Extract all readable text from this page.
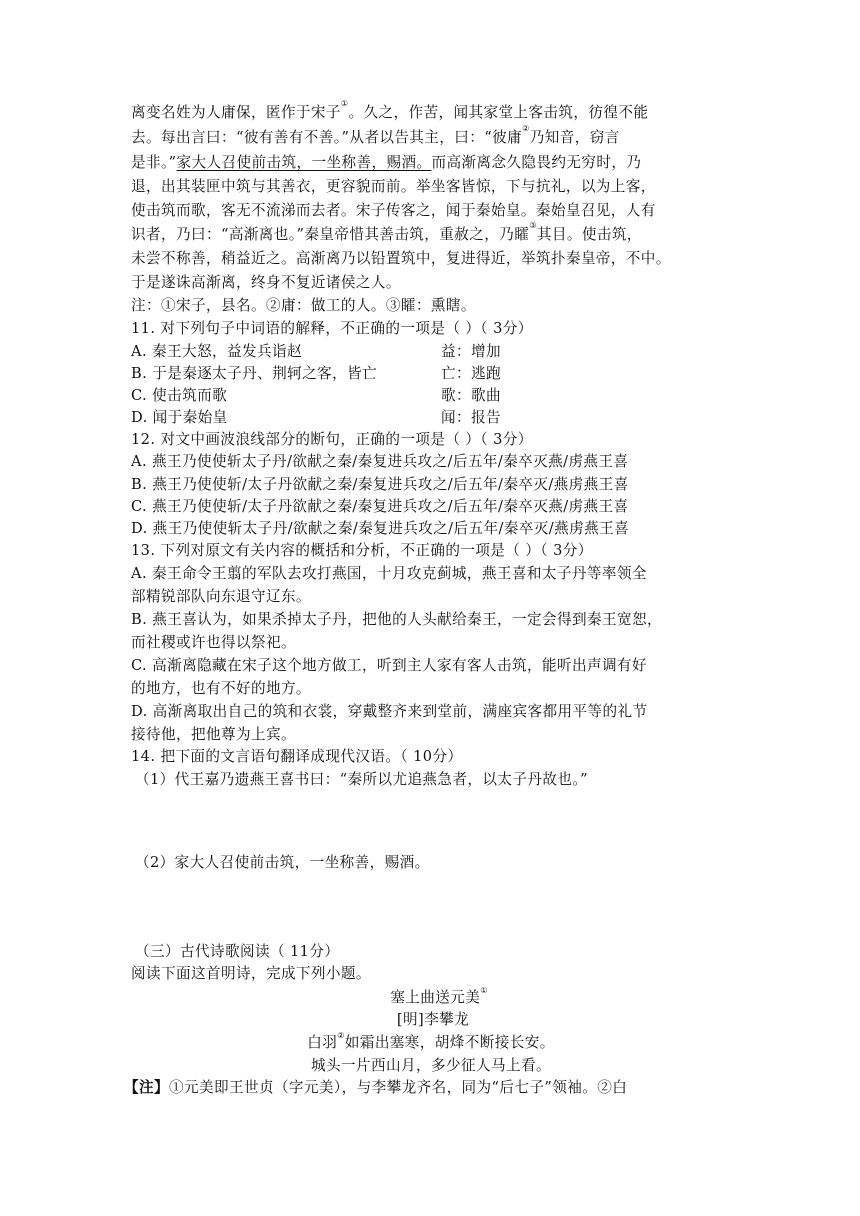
离变名姓为人庸保，匿作于宋子①。久之，作苦，闻其家堂上客击筑，彷徨不能
去。每出言曰：“彼有善有不善。”从者以告其主，曰：“彼庸②乃知音，窃言
是非。”家大人召使前击筑，一坐称善，赐酒。而高渐离念久隐畏约无穷时，乃
退，出其装匣中筑与其善衣，更容貌而前。举坐客皆惊，下与抗礼，以为上客，
使击筑而歌，客无不流涕而去者。宋子传客之，闻于秦始皇。秦始皇召见，人有
识者，乃曰：“高渐离也。”秦皇帝惜其善击筑，重赦之，乃矐③其目。使击筑，
未尝不称善，稍益近之。高渐离乃以铅置筑中，复进得近，举筑扑秦皇帝，不中。
于是遂诛高渐离，终身不复近诸侯之人。
注：①宋子，县名。②庸：做工的人。③矐：熏瞎。
11. 对下列句子中词语的解释，不正确的一项是（ ）（ 3分）
A. 秦王大怒，益发兵诣赵	益：增加
B. 于是秦逐太子丹、荆轲之客，皆亡	亡：逃跑
C. 使击筑而歌	歌：歌曲
D. 闻于秦始皇	闻：报告
12. 对文中画波浪线部分的断句，正确的一项是（ ）（ 3分）
A. 燕王乃使使斩太子丹/欲献之秦/秦复进兵攻之/后五年/秦卒灭燕/虏燕王喜
B. 燕王乃使使斩/太子丹欲献之秦/秦复进兵攻之/后五年/秦卒灭/燕虏燕王喜
C. 燕王乃使使斩/太子丹欲献之秦/秦复进兵攻之/后五年/秦卒灭燕/虏燕王喜
D. 燕王乃使使斩太子丹/欲献之秦/秦复进兵攻之/后五年/秦卒灭/燕虏燕王喜
13. 下列对原文有关内容的概括和分析，不正确的一项是（ ）（ 3分）
A. 秦王命令王翦的军队去攻打燕国，十月攻克蓟城，燕王喜和太子丹等率领全
部精锐部队向东退守辽东。
B. 燕王喜认为，如果杀掉太子丹，把他的人头献给秦王，一定会得到秦王宽恕，
而社稷或许也得以祭祀。
C. 高渐离隐藏在宋子这个地方做工，听到主人家有客人击筑，能听出声调有好
的地方，也有不好的地方。
D. 高渐离取出自己的筑和衣裳，穿戴整齐来到堂前，满座宾客都用平等的礼节
接待他，把他尊为上宾。
14. 把下面的文言语句翻译成现代汉语。（ 10分）
（1）代王嘉乃遗燕王喜书曰：“秦所以尤追燕急者，以太子丹故也。”
（2）家大人召使前击筑，一坐称善，赐酒。
（三）古代诗歌阅读（ 11分）
阅读下面这首明诗，完成下列小题。
塞上曲送元美①
[明]李攀龙
白羽②如霜出塞寒，胡烽不断接长安。
城头一片西山月，多少征人马上看。
【注】①元美即王世贞（字元美），与李攀龙齐名，同为“后七子”领袖。②白
